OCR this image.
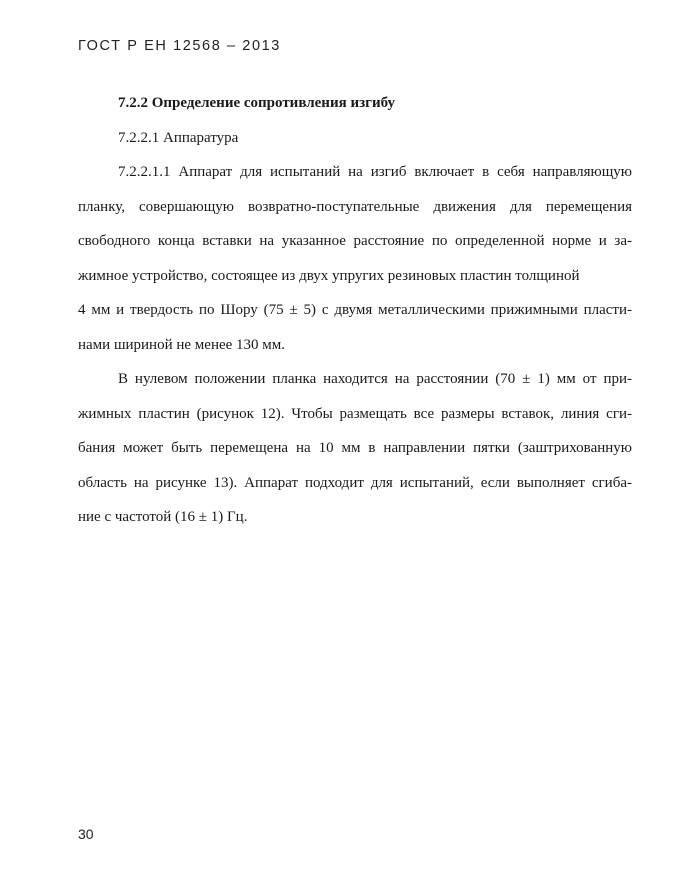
ГОСТ Р ЕН 12568 – 2013
7.2.2 Определение сопротивления изгибу
7.2.2.1 Аппаратура
7.2.2.1.1 Аппарат для испытаний на изгиб включает в себя направляющую
планку, совершающую возвратно-поступательные движения для перемещения
свободного конца вставки на указанное расстояние по определенной норме и за-
жимное устройство, состоящее из двух упругих резиновых пластин толщиной
4 мм и твердость по Шору (75 ± 5) с двумя металлическими прижимными пласти-
нами шириной не менее 130 мм.
В нулевом положении планка находится на расстоянии (70 ± 1) мм от при-
жимных пластин (рисунок 12). Чтобы размещать все размеры вставок, линия сги-
бания может быть перемещена на 10 мм в направлении пятки (заштрихованную
область на рисунке 13). Аппарат подходит для испытаний, если выполняет сгиба-
ние с частотой (16 ± 1) Гц.
30
